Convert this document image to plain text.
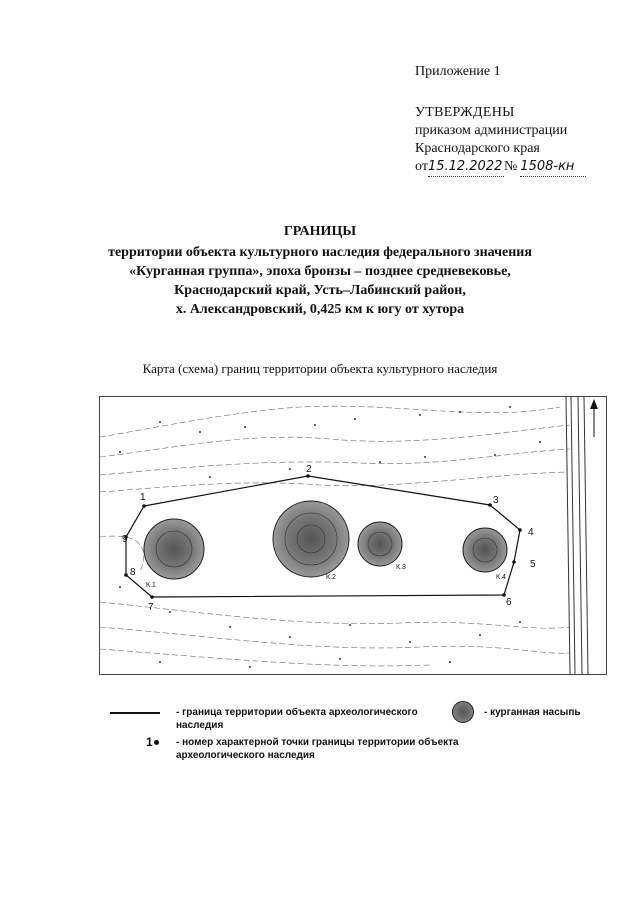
Приложение 1
УТВЕРЖДЕНЫ
приказом администрации
Краснодарского края
от15.12.2022 № 1508-кн
ГРАНИЦЫ
территории объекта культурного наследия федерального значения
«Курганная группа», эпоха бронзы – позднее средневековье,
Краснодарский край, Усть–Лабинский район,
х. Александровский, 0,425 км к югу от хутора
Карта (схема) границ территории объекта культурного наследия
1
2
3
4
5
6
7
8
9
К.1
К.2
К.3
К.4
- граница территории объекта археологического
наследия
- курганная насыпь
1	- номер характерной точки границы территории объекта
археологического наследия
